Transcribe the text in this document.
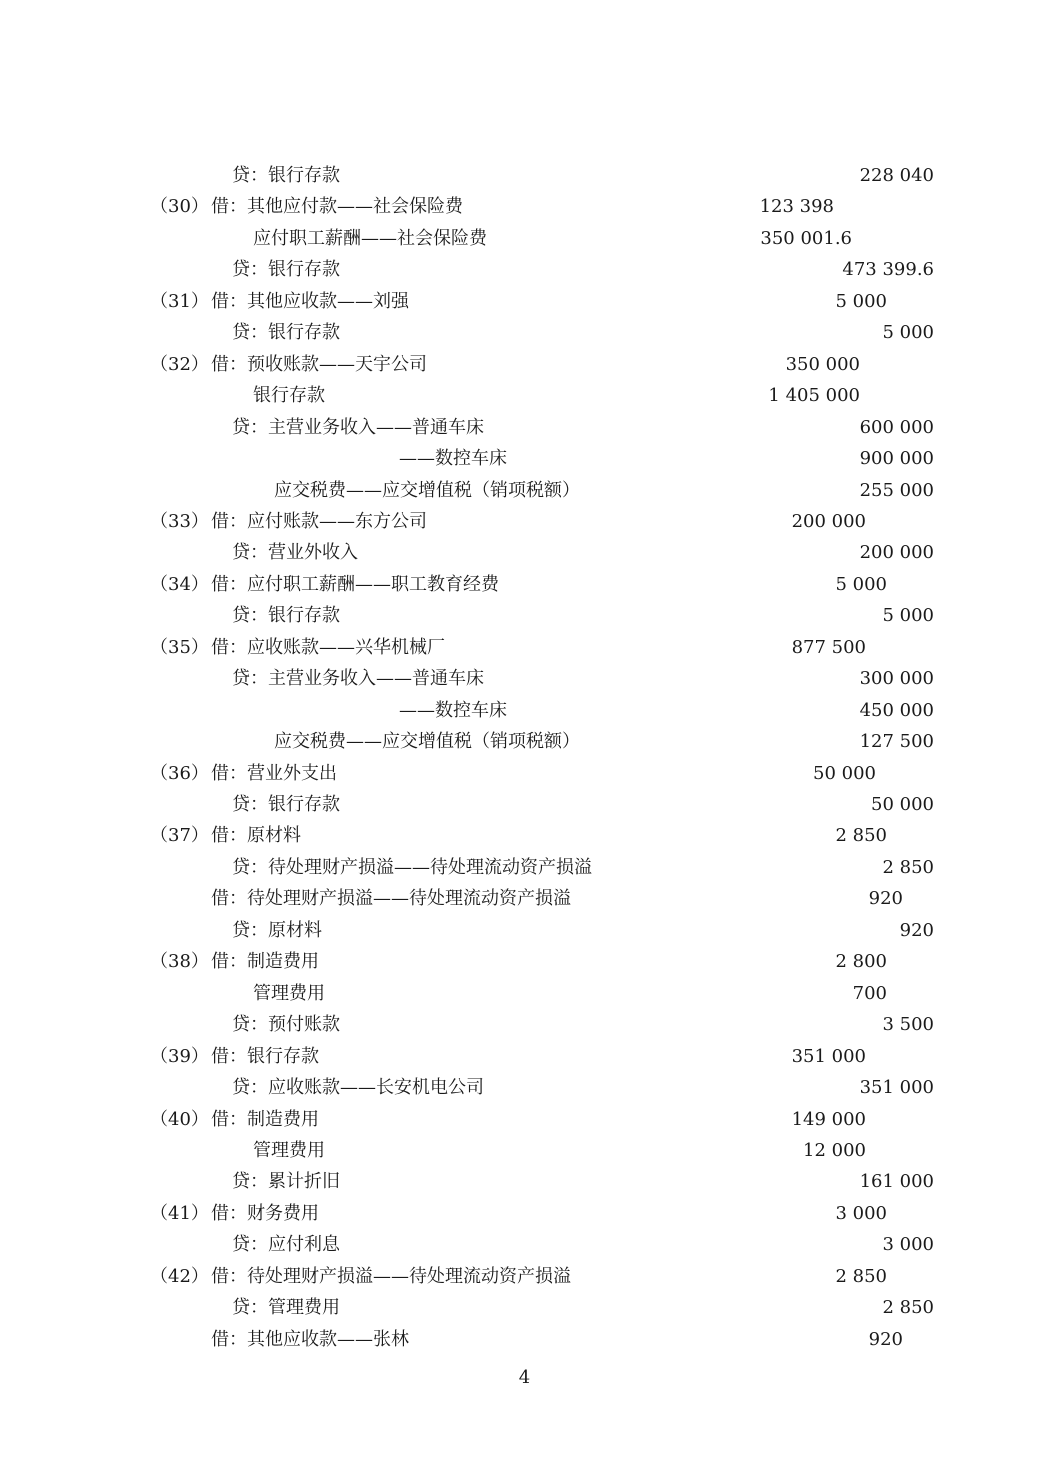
贷：银行存款	228 040
（30） 借：其他应付款——社会保险费	123 398
应付职工薪酬——社会保险费	350 001.6
贷：银行存款	473 399.6
（31） 借：其他应收款——刘强	5 000
贷：银行存款	5 000
（32） 借：预收账款——天宇公司	350 000
银行存款	1 405 000
贷：主营业务收入——普通车床	600 000
——数控车床	900 000
应交税费——应交增值税（销项税额）	255 000
（33） 借：应付账款——东方公司	200 000
贷：营业外收入	200 000
（34） 借：应付职工薪酬——职工教育经费	5 000
贷：银行存款	5 000
（35） 借：应收账款——兴华机械厂	877 500
贷：主营业务收入——普通车床	300 000
——数控车床	450 000
应交税费——应交增值税（销项税额）	127 500
（36） 借：营业外支出	50 000
贷：银行存款	50 000
（37） 借：原材料	2 850
贷：待处理财产损溢——待处理流动资产损溢	2 850
借：待处理财产损溢——待处理流动资产损溢	920
贷：原材料	920
（38） 借：制造费用	2 800
管理费用	700
贷：预付账款	3 500
（39） 借：银行存款	351 000
贷：应收账款——长安机电公司	351 000
（40） 借：制造费用	149 000
管理费用	12 000
贷：累计折旧	161 000
（41） 借：财务费用	3 000
贷：应付利息	3 000
（42） 借：待处理财产损溢——待处理流动资产损溢	2 850
贷：管理费用	2 850
借：其他应收款——张林	920
4
